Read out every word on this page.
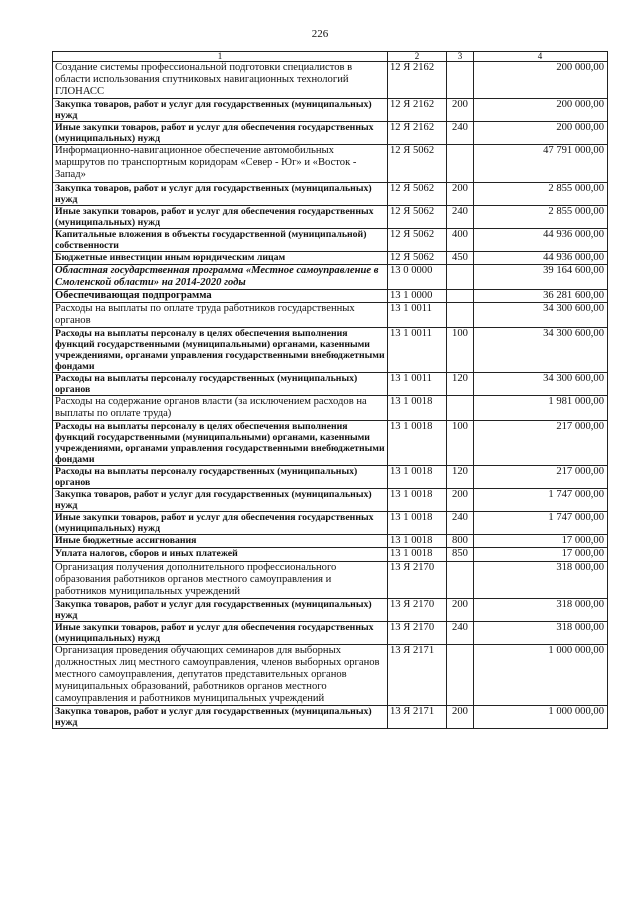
226
1	2	3	4
Создание системы профессиональной подготовки специалистов в области использования спутниковых навигационных технологий ГЛОНАСС	12 Я 2162		200 000,00
Закупка товаров, работ и услуг для государственных (муниципальных) нужд	12 Я 2162	200	200 000,00
Иные закупки товаров, работ и услуг для обеспечения государственных (муниципальных) нужд	12 Я 2162	240	200 000,00
Информационно-навигационное обеспечение автомобильных маршрутов по транспортным коридорам «Север - Юг» и «Восток - Запад»	12 Я 5062		47 791 000,00
Закупка товаров, работ и услуг для государственных (муниципальных) нужд	12 Я 5062	200	2 855 000,00
Иные закупки товаров, работ и услуг для обеспечения государственных (муниципальных) нужд	12 Я 5062	240	2 855 000,00
Капитальные вложения в объекты государственной (муниципальной) собственности	12 Я 5062	400	44 936 000,00
Бюджетные инвестиции иным юридическим лицам	12 Я 5062	450	44 936 000,00
Областная государственная программа «Местное самоуправление в Смоленской области» на 2014-2020 годы	13 0 0000		39 164 600,00
Обеспечивающая подпрограмма	13 1 0000		36 281 600,00
Расходы на выплаты по оплате труда работников государственных органов	13 1 0011		34 300 600,00
Расходы на выплаты персоналу в целях обеспечения выполнения функций государственными (муниципальными) органами, казенными учреждениями, органами управления государственными внебюджетными фондами	13 1 0011	100	34 300 600,00
Расходы на выплаты персоналу государственных (муниципальных) органов	13 1 0011	120	34 300 600,00
Расходы на содержание органов власти (за исключением расходов на выплаты по оплате труда)	13 1 0018		1 981 000,00
Расходы на выплаты персоналу в целях обеспечения выполнения функций государственными (муниципальными) органами, казенными учреждениями, органами управления государственными внебюджетными фондами	13 1 0018	100	217 000,00
Расходы на выплаты персоналу государственных (муниципальных) органов	13 1 0018	120	217 000,00
Закупка товаров, работ и услуг для государственных (муниципальных) нужд	13 1 0018	200	1 747 000,00
Иные закупки товаров, работ и услуг для обеспечения государственных (муниципальных) нужд	13 1 0018	240	1 747 000,00
Иные бюджетные ассигнования	13 1 0018	800	17 000,00
Уплата налогов, сборов и иных платежей	13 1 0018	850	17 000,00
Организация получения дополнительного профессионального образования работников органов местного самоуправления и работников муниципальных учреждений	13 Я 2170		318 000,00
Закупка товаров, работ и услуг для государственных (муниципальных) нужд	13 Я 2170	200	318 000,00
Иные закупки товаров, работ и услуг для обеспечения государственных (муниципальных) нужд	13 Я 2170	240	318 000,00
Организация проведения обучающих семинаров для выборных должностных лиц местного самоуправления, членов выборных органов местного самоуправления, депутатов представительных органов муниципальных образований, работников органов местного самоуправления и работников муниципальных учреждений	13 Я 2171		1 000 000,00
Закупка товаров, работ и услуг для государственных (муниципальных) нужд	13 Я 2171	200	1 000 000,00
